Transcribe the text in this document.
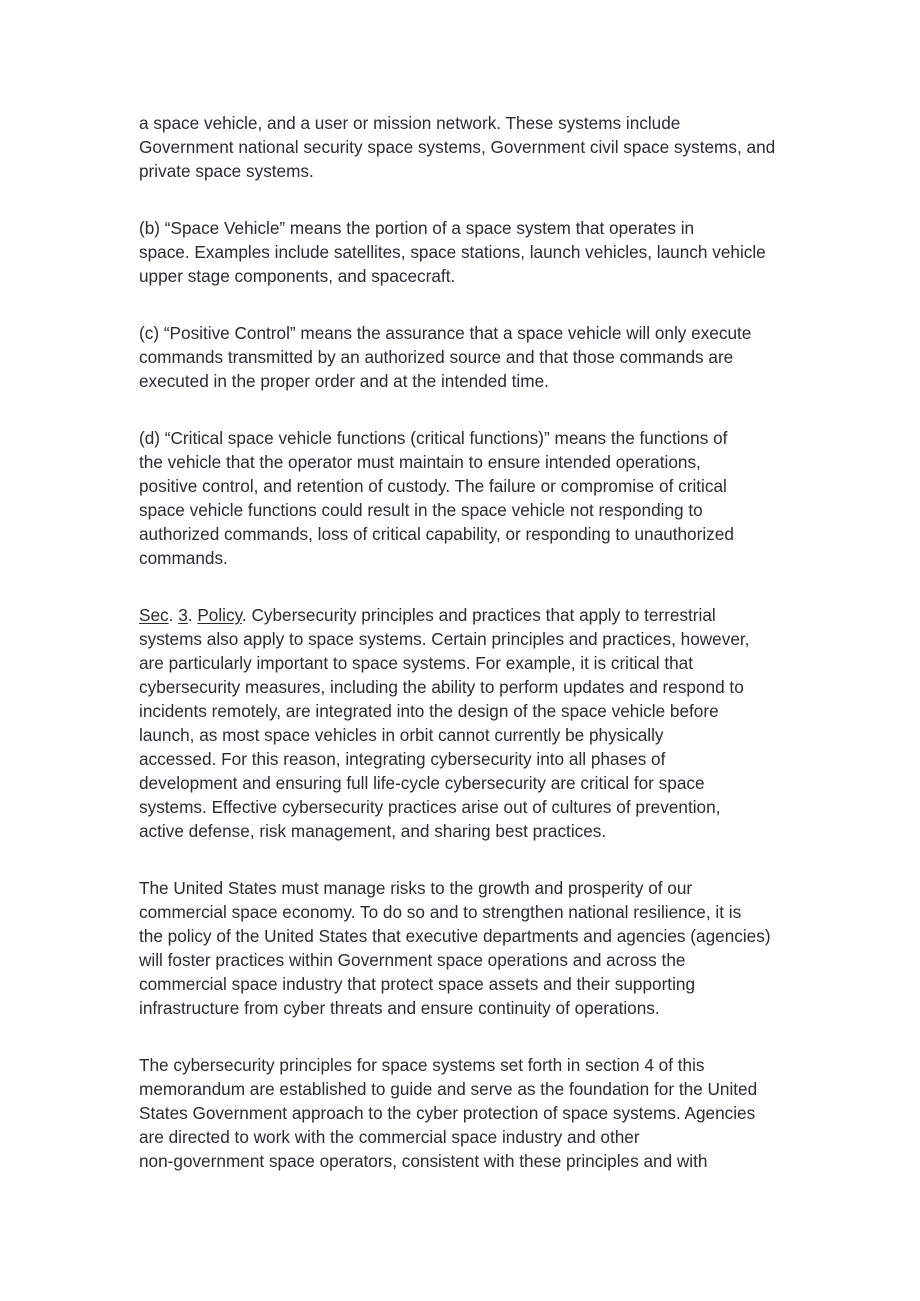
a space vehicle, and a user or mission network. These systems include
Government national security space systems, Government civil space systems, and
private space systems.

(b) “Space Vehicle” means the portion of a space system that operates in
space. Examples include satellites, space stations, launch vehicles, launch vehicle
upper stage components, and spacecraft.

(c) “Positive Control” means the assurance that a space vehicle will only execute
commands transmitted by an authorized source and that those commands are
executed in the proper order and at the intended time.

(d) “Critical space vehicle functions (critical functions)” means the functions of
the vehicle that the operator must maintain to ensure intended operations,
positive control, and retention of custody. The failure or compromise of critical
space vehicle functions could result in the space vehicle not responding to
authorized commands, loss of critical capability, or responding to unauthorized
commands.

Sec. 3. Policy. Cybersecurity principles and practices that apply to terrestrial
systems also apply to space systems. Certain principles and practices, however,
are particularly important to space systems. For example, it is critical that
cybersecurity measures, including the ability to perform updates and respond to
incidents remotely, are integrated into the design of the space vehicle before
launch, as most space vehicles in orbit cannot currently be physically
accessed. For this reason, integrating cybersecurity into all phases of
development and ensuring full life-cycle cybersecurity are critical for space
systems. Effective cybersecurity practices arise out of cultures of prevention,
active defense, risk management, and sharing best practices.

The United States must manage risks to the growth and prosperity of our
commercial space economy. To do so and to strengthen national resilience, it is
the policy of the United States that executive departments and agencies (agencies)
will foster practices within Government space operations and across the
commercial space industry that protect space assets and their supporting
infrastructure from cyber threats and ensure continuity of operations.

The cybersecurity principles for space systems set forth in section 4 of this
memorandum are established to guide and serve as the foundation for the United
States Government approach to the cyber protection of space systems. Agencies
are directed to work with the commercial space industry and other
non-government space operators, consistent with these principles and with
